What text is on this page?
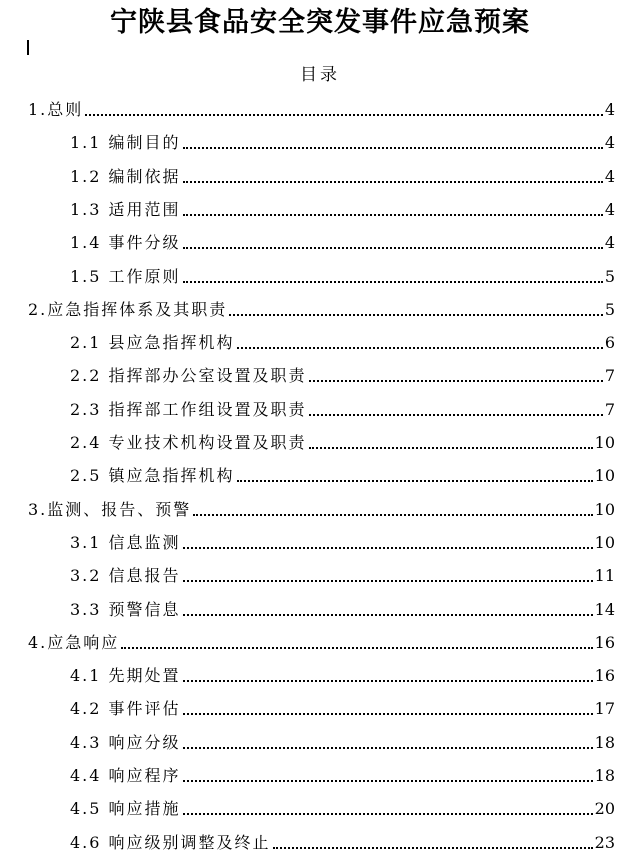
宁陕县食品安全突发事件应急预案
目录
1.总则	4
1.1 编制目的	4
1.2 编制依据	4
1.3 适用范围	4
1.4 事件分级	4
1.5 工作原则	5
2.应急指挥体系及其职责	5
2.1 县应急指挥机构	6
2.2 指挥部办公室设置及职责	7
2.3 指挥部工作组设置及职责	7
2.4 专业技术机构设置及职责	10
2.5 镇应急指挥机构	10
3.监测、报告、预警	10
3.1 信息监测	10
3.2 信息报告	11
3.3 预警信息	14
4.应急响应	16
4.1 先期处置	16
4.2 事件评估	17
4.3 响应分级	18
4.4 响应程序	18
4.5 响应措施	20
4.6 响应级别调整及终止	23
